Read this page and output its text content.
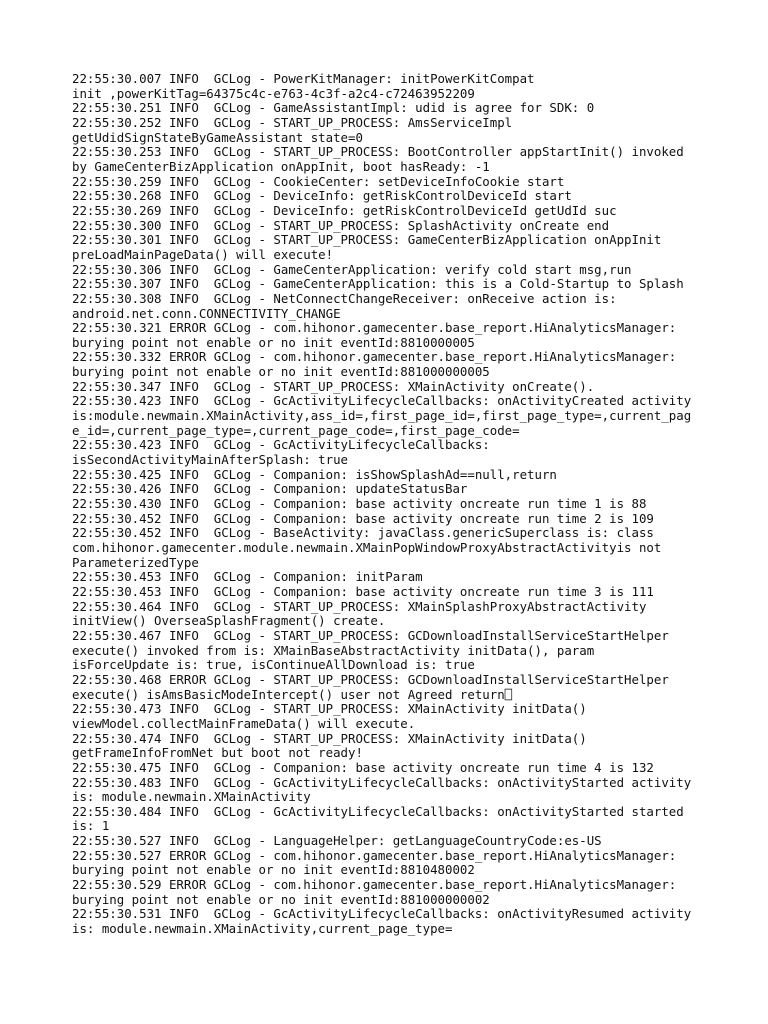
22:55:30.007 INFO  GCLog - PowerKitManager: initPowerKitCompat
init ,powerKitTag=64375c4c-e763-4c3f-a2c4-c72463952209
22:55:30.251 INFO  GCLog - GameAssistantImpl: udid is agree for SDK: 0
22:55:30.252 INFO  GCLog - START_UP_PROCESS: AmsServiceImpl
getUdidSignStateByGameAssistant state=0
22:55:30.253 INFO  GCLog - START_UP_PROCESS: BootController appStartInit() invoked
by GameCenterBizApplication onAppInit, boot hasReady: -1
22:55:30.259 INFO  GCLog - CookieCenter: setDeviceInfoCookie start
22:55:30.268 INFO  GCLog - DeviceInfo: getRiskControlDeviceId start
22:55:30.269 INFO  GCLog - DeviceInfo: getRiskControlDeviceId getUdId suc
22:55:30.300 INFO  GCLog - START_UP_PROCESS: SplashActivity onCreate end
22:55:30.301 INFO  GCLog - START_UP_PROCESS: GameCenterBizApplication onAppInit
preLoadMainPageData() will execute!
22:55:30.306 INFO  GCLog - GameCenterApplication: verify cold start msg,run
22:55:30.307 INFO  GCLog - GameCenterApplication: this is a Cold-Startup to Splash
22:55:30.308 INFO  GCLog - NetConnectChangeReceiver: onReceive action is:
android.net.conn.CONNECTIVITY_CHANGE
22:55:30.321 ERROR GCLog - com.hihonor.gamecenter.base_report.HiAnalyticsManager:
burying point not enable or no init eventId:8810000005
22:55:30.332 ERROR GCLog - com.hihonor.gamecenter.base_report.HiAnalyticsManager:
burying point not enable or no init eventId:881000000005
22:55:30.347 INFO  GCLog - START_UP_PROCESS: XMainActivity onCreate().
22:55:30.423 INFO  GCLog - GcActivityLifecycleCallbacks: onActivityCreated activity
is:module.newmain.XMainActivity,ass_id=,first_page_id=,first_page_type=,current_pag
e_id=,current_page_type=,current_page_code=,first_page_code=
22:55:30.423 INFO  GCLog - GcActivityLifecycleCallbacks:
isSecondActivityMainAfterSplash: true
22:55:30.425 INFO  GCLog - Companion: isShowSplashAd==null,return
22:55:30.426 INFO  GCLog - Companion: updateStatusBar
22:55:30.430 INFO  GCLog - Companion: base activity oncreate run time 1 is 88
22:55:30.452 INFO  GCLog - Companion: base activity oncreate run time 2 is 109
22:55:30.452 INFO  GCLog - BaseActivity: javaClass.genericSuperclass is: class
com.hihonor.gamecenter.module.newmain.XMainPopWindowProxyAbstractActivityis not
ParameterizedType
22:55:30.453 INFO  GCLog - Companion: initParam
22:55:30.453 INFO  GCLog - Companion: base activity oncreate run time 3 is 111
22:55:30.464 INFO  GCLog - START_UP_PROCESS: XMainSplashProxyAbstractActivity
initView() OverseaSplashFragment() create.
22:55:30.467 INFO  GCLog - START_UP_PROCESS: GCDownloadInstallServiceStartHelper
execute() invoked from is: XMainBaseAbstractActivity initData(), param
isForceUpdate is: true, isContinueAllDownload is: true
22:55:30.468 ERROR GCLog - START_UP_PROCESS: GCDownloadInstallServiceStartHelper
execute() isAmsBasicModeIntercept() user not Agreed return⎕
22:55:30.473 INFO  GCLog - START_UP_PROCESS: XMainActivity initData()
viewModel.collectMainFrameData() will execute.
22:55:30.474 INFO  GCLog - START_UP_PROCESS: XMainActivity initData()
getFrameInfoFromNet but boot not ready!
22:55:30.475 INFO  GCLog - Companion: base activity oncreate run time 4 is 132
22:55:30.483 INFO  GCLog - GcActivityLifecycleCallbacks: onActivityStarted activity
is: module.newmain.XMainActivity
22:55:30.484 INFO  GCLog - GcActivityLifecycleCallbacks: onActivityStarted started
is: 1
22:55:30.527 INFO  GCLog - LanguageHelper: getLanguageCountryCode:es-US
22:55:30.527 ERROR GCLog - com.hihonor.gamecenter.base_report.HiAnalyticsManager:
burying point not enable or no init eventId:8810480002
22:55:30.529 ERROR GCLog - com.hihonor.gamecenter.base_report.HiAnalyticsManager:
burying point not enable or no init eventId:881000000002
22:55:30.531 INFO  GCLog - GcActivityLifecycleCallbacks: onActivityResumed activity
is: module.newmain.XMainActivity,current_page_type=
